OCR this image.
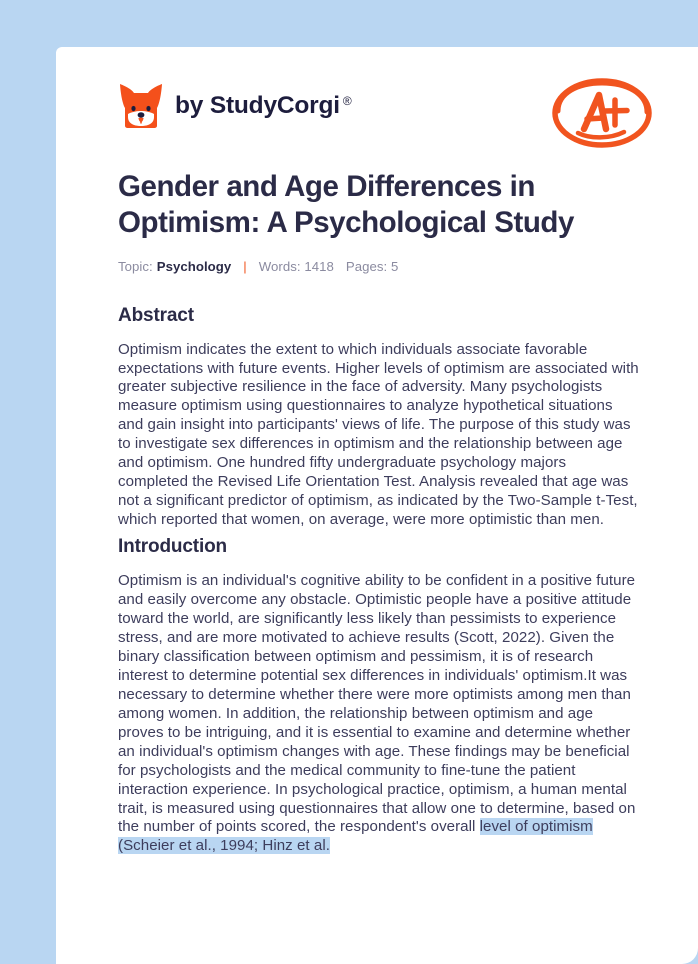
by StudyCorgi ®
Gender and Age Differences in Optimism: A Psychological Study
Topic: Psychology | Words: 1418 Pages: 5
Abstract

Optimism indicates the extent to which individuals associate favorable expectations with future events. Higher levels of optimism are associated with greater subjective resilience in the face of adversity. Many psychologists measure optimism using questionnaires to analyze hypothetical situations and gain insight into participants' views of life. The purpose of this study was to investigate sex differences in optimism and the relationship between age and optimism. One hundred fifty undergraduate psychology majors completed the Revised Life Orientation Test. Analysis revealed that age was not a significant predictor of optimism, as indicated by the Two-Sample t-Test, which reported that women, on average, were more optimistic than men.

Introduction

Optimism is an individual's cognitive ability to be confident in a positive future and easily overcome any obstacle. Optimistic people have a positive attitude toward the world, are significantly less likely than pessimists to experience stress, and are more motivated to achieve results (Scott, 2022). Given the binary classification between optimism and pessimism, it is of research interest to determine potential sex differences in individuals' optimism.It was necessary to determine whether there were more optimists among men than among women. In addition, the relationship between optimism and age proves to be intriguing, and it is essential to examine and determine whether an individual's optimism changes with age. These findings may be beneficial for psychologists and the medical community to fine-tune the patient interaction experience. In psychological practice, optimism, a human mental trait, is measured using questionnaires that allow one to determine, based on the number of points scored, the respondent's overall level of optimism (Scheier et al., 1994; Hinz et al.
